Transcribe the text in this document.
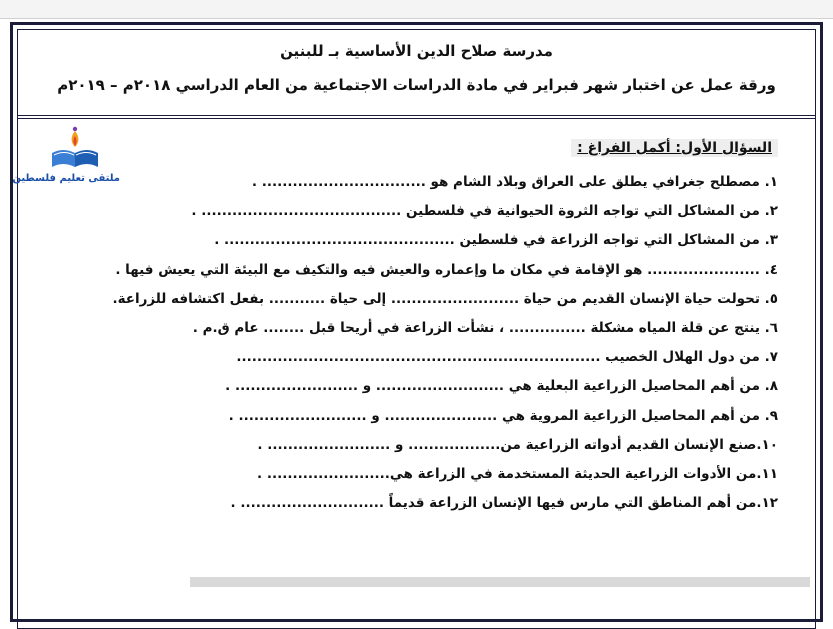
مدرسة صلاح الدين الأساسية بـ للبنين
ورقة عمل عن اختبار شهر فبراير في مادة الدراسات الاجتماعية من العام الدراسي ٢٠١٨م – ٢٠١٩م
ملتقى تعليم فلسطين
السؤال الأول: أكمل الفراغ :
١. مصطلح جغرافي يطلق على العراق وبلاد الشام هو ................................ .
٢. من المشاكل التي تواجه الثروة الحيوانية في فلسطين ....................................... .
٣. من المشاكل التي تواجه الزراعة في فلسطين ............................................. .
٤. ...................... هو الإقامة في مكان ما وإعماره والعيش فيه والتكيف مع البيئة التي يعيش فيها .
٥. تحولت حياة الإنسان القديم من حياة ......................... إلى حياة ........... بفعل اكتشافه للزراعة.
٦. ينتج عن قلة المياه مشكلة ............... ، نشأت الزراعة في أريحا قبل ........ عام ق.م .
٧. من دول الهلال الخصيب .......................................................................
٨. من أهم المحاصيل الزراعية البعلية هي ......................... و ........................ .
٩. من أهم المحاصيل الزراعية المروية هي ...................... و ......................... .
١٠.صنع الإنسان القديم أدواته الزراعية من.................. و ........................ .
١١.من الأدوات الزراعية الحديثة المستخدمة في الزراعة هي........................ .
١٢.من أهم المناطق التي مارس فيها الإنسان الزراعة قديماً ............................ .
